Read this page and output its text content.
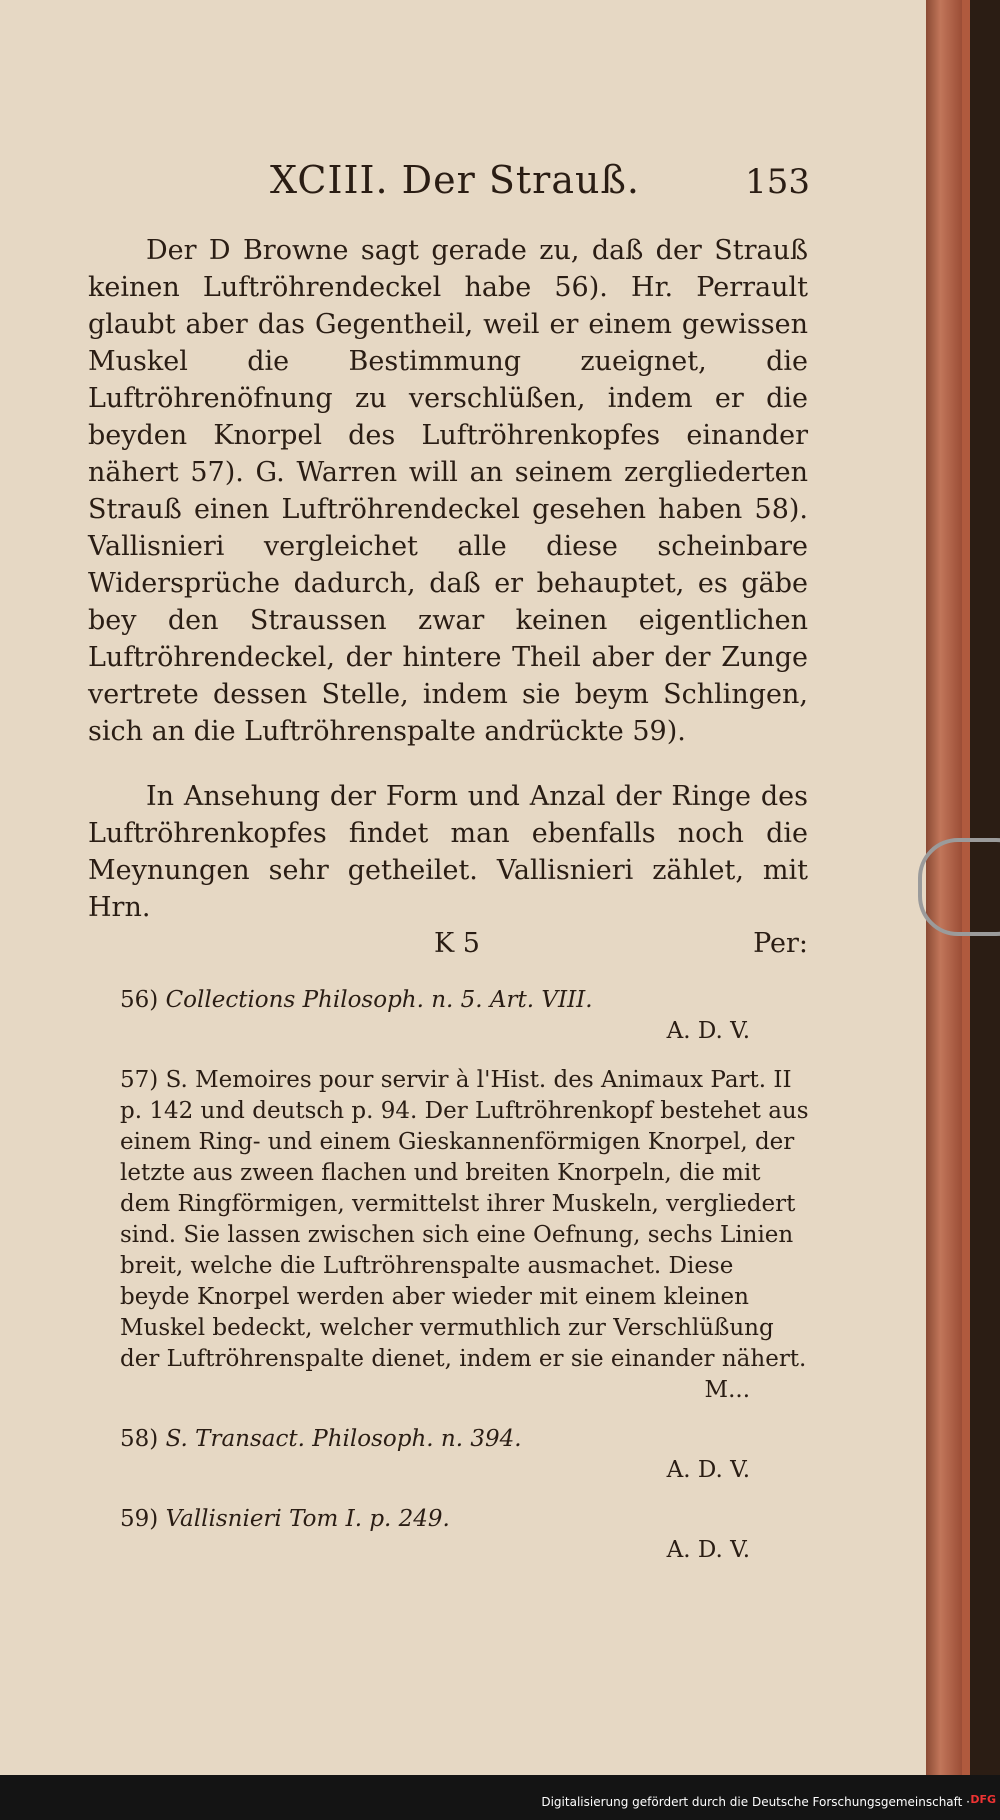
XCIII. Der Strauß.	153

Der D Browne sagt gerade zu, daß der Strauß keinen Luftröhrendeckel habe 56). Hr. Perrault glaubt aber das Gegentheil, weil er einem gewissen Muskel die Bestimmung zueignet, die Luftröhrenöfnung zu verschlüßen, indem er die beyden Knorpel des Luftröhrenkopfes einander nähert 57). G. Warren will an seinem zergliederten Strauß einen Luftröhrendeckel gesehen haben 58). Vallisnieri vergleichet alle diese scheinbare Widersprüche dadurch, daß er behauptet, es gäbe bey den Straussen zwar keinen eigentlichen Luftröhrendeckel, der hintere Theil aber der Zunge vertrete dessen Stelle, indem sie beym Schlingen, sich an die Luftröhrenspalte andrückte 59).

In Ansehung der Form und Anzal der Ringe des Luftröhrenkopfes findet man ebenfalls noch die Meynungen sehr getheilet. Vallisnieri zählet, mit Hrn.

K 5	Per:
56) Collections Philosoph. n. 5. Art. VIII.
A. D. V.
57) S. Memoires pour servir à l'Hist. des Animaux Part. II p. 142 und deutsch p. 94. Der Luftröhrenkopf bestehet aus einem Ring- und einem Gieskannenförmigen Knorpel, der letzte aus zween flachen und breiten Knorpeln, die mit dem Ringförmigen, vermittelst ihrer Muskeln, vergliedert sind. Sie lassen zwischen sich eine Oefnung, sechs Linien breit, welche die Luftröhrenspalte ausmachet. Diese beyde Knorpel werden aber wieder mit einem kleinen Muskel bedeckt, welcher vermuthlich zur Verschlüßung der Luftröhrenspalte dienet, indem er sie einander nähert.
M...
58) S. Transact. Philosoph. n. 394.
A. D. V.
59) Vallisnieri Tom I. p. 249.
A. D. V.
Digitalisierung gefördert durch die Deutsche Forschungsgemeinschaft · DFG
